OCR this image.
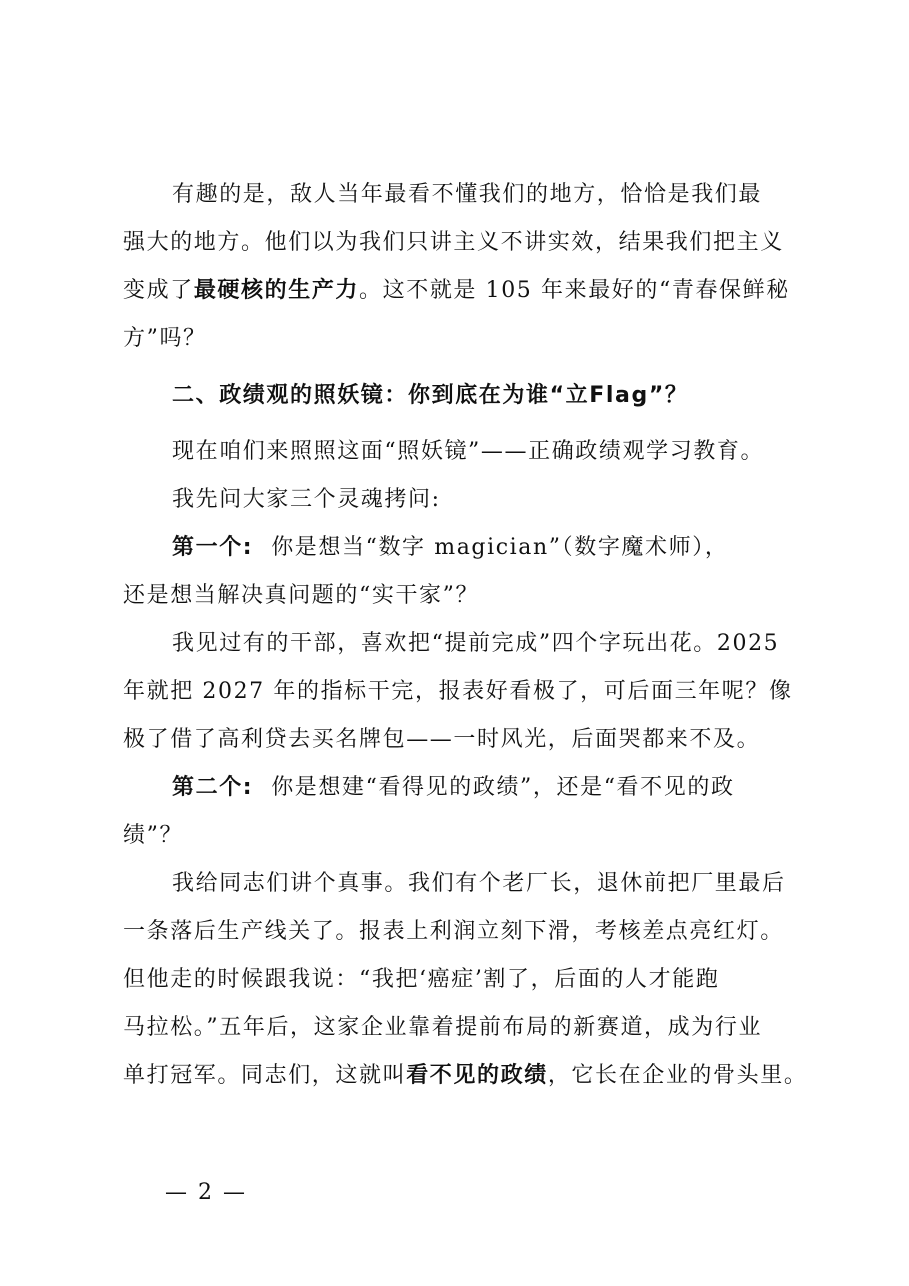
有趣的是，敌人当年最看不懂我们的地方，恰恰是我们最
强大的地方。他们以为我们只讲主义不讲实效，结果我们把主义
变成了最硬核的生产力。这不就是 105 年来最好的“青春保鲜秘
方”吗？
二、政绩观的照妖镜：你到底在为谁“立Flag”？
现在咱们来照照这面“照妖镜”——正确政绩观学习教育。
我先问大家三个灵魂拷问:
第一个: 你是想当“数字 magician”（数字魔术师），
还是想当解决真问题的“实干家”？
我见过有的干部，喜欢把“提前完成”四个字玩出花。2025
年就把 2027 年的指标干完，报表好看极了，可后面三年呢？像
极了借了高利贷去买名牌包——一时风光，后面哭都来不及。
第二个: 你是想建“看得见的政绩”，还是“看不见的政
绩”？
我给同志们讲个真事。我们有个老厂长，退休前把厂里最后
一条落后生产线关了。报表上利润立刻下滑，考核差点亮红灯。
但他走的时候跟我说：“我把‘癌症’割了，后面的人才能跑
马拉松。”五年后，这家企业靠着提前布局的新赛道，成为行业
单打冠军。同志们，这就叫看不见的政绩，它长在企业的骨头里。
— 2 —
